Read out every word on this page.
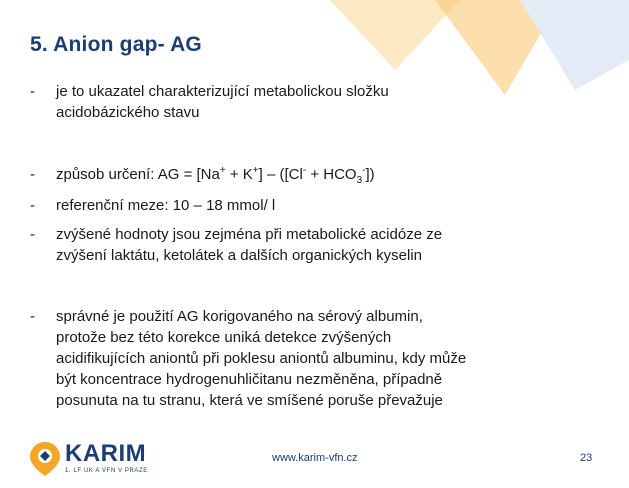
5. Anion gap- AG
- je to ukazatel charakterizující metabolickou složku
acidobázického stavu
- způsob určení: AG = $[Na^+ + K^+] - ([Cl^- + HCO_3^-])$
- referenční meze: 10 – 18 mmol/ l
- zvýšené hodnoty jsou zejména při metabolické acidóze ze
zvýšení laktátu, ketolátek a dalších organických kyselin
- správné je použití AG korigovaného na sérový albumin,
protože bez této korekce uniká detekce zvýšených
acidifikujících aniontů při poklesu aniontů albuminu, kdy může
být koncentrace hydrogenuhličitanu nezměněna, případně
posunuta na tu stranu, která ve smíšené poruše převažuje
KARIM
1. LF UK A VFN V PRAZE
www.karim-vfn.cz	23
